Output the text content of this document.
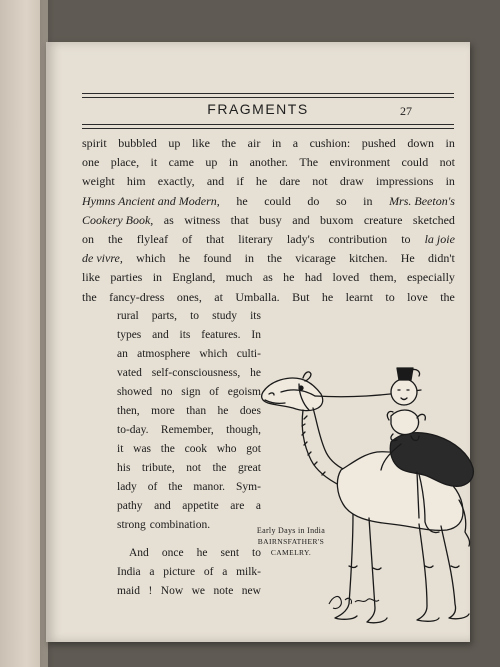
FRAGMENTS	27
spirit bubbled up like the air in a cushion: pushed down in
one place, it came up in another. The environment could not
weight him exactly, and if he dare not draw impressions in
Hymns Ancient and Modern, he could do so in Mrs. Beeton's
Cookery Book, as witness that busy and buxom creature sketched
on the flyleaf of that literary lady's contribution to la joie
de vivre, which he found in the vicarage kitchen. He didn't
like parties in England, much as he had loved them, especially
the fancy-dress ones, at Umballa. But he learnt to love the
rural parts, to study its
types and its features. In
an atmosphere which culti-
vated self-consciousness, he
showed no sign of egoism
then, more than he does
to-day. Remember, though,
it was the cook who got
his tribute, not the great
lady of the manor. Sym-
pathy and appetite are a
strong combination.
And once he sent to
India a picture of a milk-
maid ! Now we note new
Bruce B
Early Days in India
BAIRNSFATHER'S
CAMELRY.
